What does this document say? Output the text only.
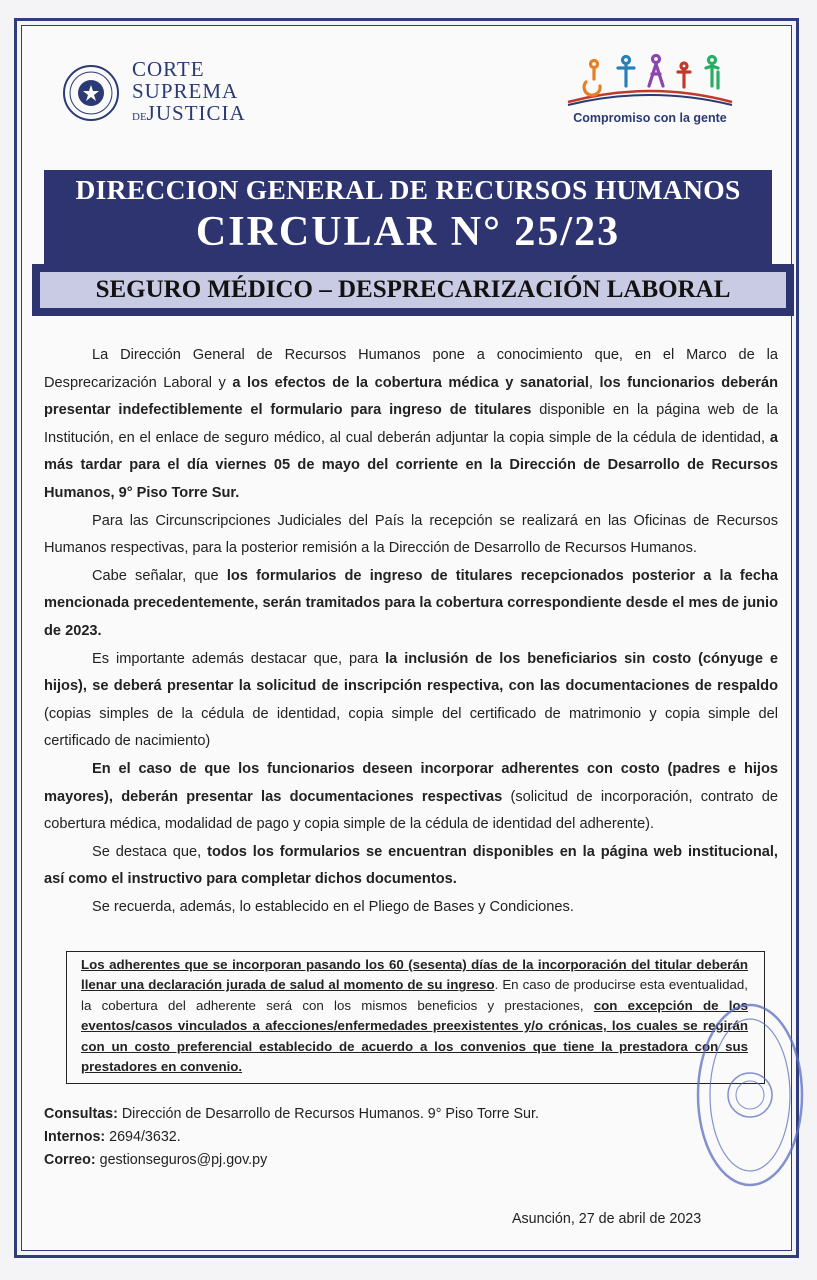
CORTE
SUPREMA
DEJUSTICIA	Compromiso con la gente
DIRECCION GENERAL DE RECURSOS HUMANOS
CIRCULAR N° 25/23
SEGURO MÉDICO – DESPRECARIZACIÓN LABORAL

La Dirección General de Recursos Humanos pone a conocimiento que, en el Marco de la Desprecarización Laboral y a los efectos de la cobertura médica y sanatorial, los funcionarios deberán presentar indefectiblemente el formulario para ingreso de titulares disponible en la página web de la Institución, en el enlace de seguro médico, al cual deberán adjuntar la copia simple de la cédula de identidad, a más tardar para el día viernes 05 de mayo del corriente en la Dirección de Desarrollo de Recursos Humanos, 9° Piso Torre Sur.

Para las Circunscripciones Judiciales del País la recepción se realizará en las Oficinas de Recursos Humanos respectivas, para la posterior remisión a la Dirección de Desarrollo de Recursos Humanos.

Cabe señalar, que los formularios de ingreso de titulares recepcionados posterior a la fecha mencionada precedentemente, serán tramitados para la cobertura correspondiente desde el mes de junio de 2023.

Es importante además destacar que, para la inclusión de los beneficiarios sin costo (cónyuge e hijos), se deberá presentar la solicitud de inscripción respectiva, con las documentaciones de respaldo (copias simples de la cédula de identidad, copia simple del certificado de matrimonio y copia simple del certificado de nacimiento)

En el caso de que los funcionarios deseen incorporar adherentes con costo (padres e hijos mayores), deberán presentar las documentaciones respectivas (solicitud de incorporación, contrato de cobertura médica, modalidad de pago y copia simple de la cédula de identidad del adherente).

Se destaca que, todos los formularios se encuentran disponibles en la página web institucional, así como el instructivo para completar dichos documentos.

Se recuerda, además, lo establecido en el Pliego de Bases y Condiciones.

Los adherentes que se incorporan pasando los 60 (sesenta) días de la incorporación del titular deberán llenar una declaración jurada de salud al momento de su ingreso. En caso de producirse esta eventualidad, la cobertura del adherente será con los mismos beneficios y prestaciones, con excepción de los eventos/casos vinculados a afecciones/enfermedades preexistentes y/o crónicas, los cuales se regirán con un costo preferencial establecido de acuerdo a los convenios que tiene la prestadora con sus prestadores en convenio.
Consultas: Dirección de Desarrollo de Recursos Humanos. 9° Piso Torre Sur.
Internos: 2694/3632.
Correo: gestionseguros@pj.gov.py
Asunción, 27 de abril de 2023
